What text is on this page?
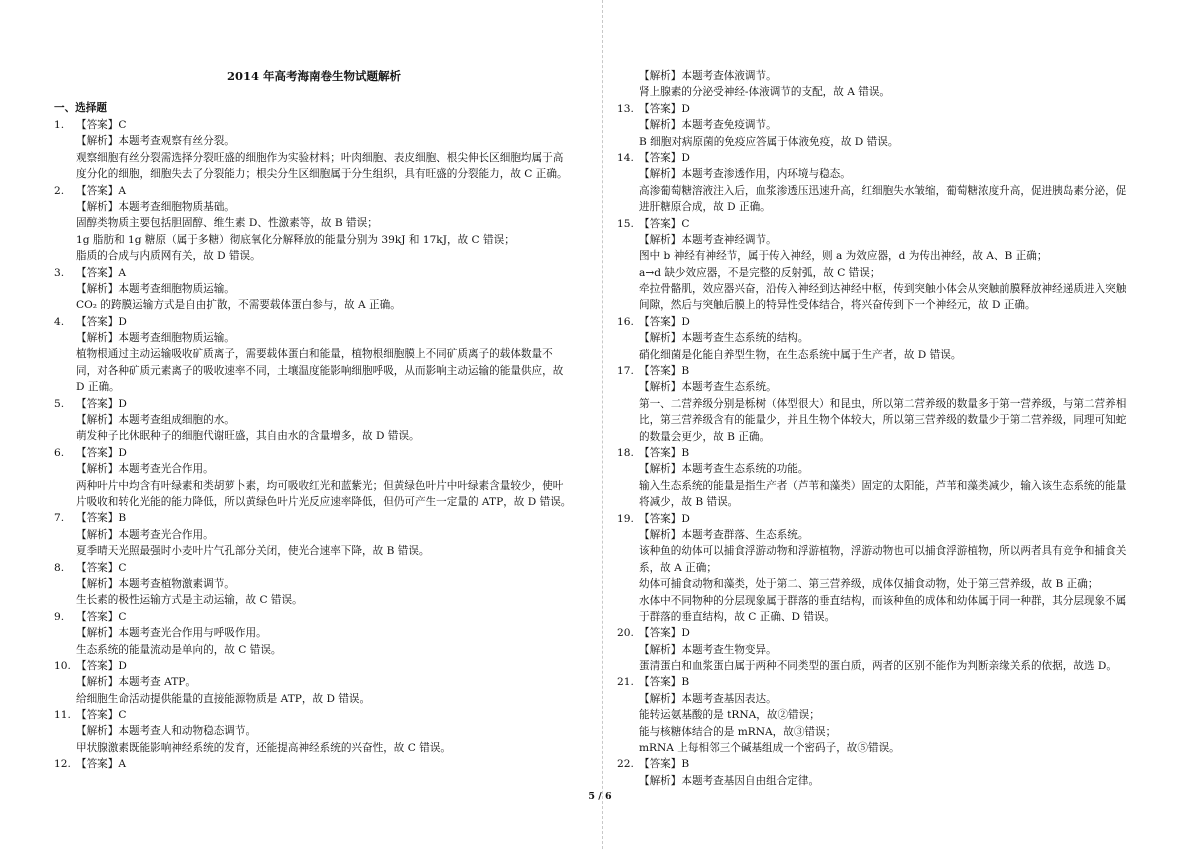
2014 年高考海南卷生物试题解析
一、选择题
1. 【答案】C
【解析】本题考查观察有丝分裂。
观察细胞有丝分裂需选择分裂旺盛的细胞作为实验材料；叶肉细胞、表皮细胞、根尖伸长区细胞均属于高
度分化的细胞，细胞失去了分裂能力；根尖分生区细胞属于分生组织，具有旺盛的分裂能力，故 C 正确。
2. 【答案】A
【解析】本题考查细胞物质基础。
固醇类物质主要包括胆固醇、维生素 D、性激素等，故 B 错误；
1g 脂肪和 1g 糖原（属于多糖）彻底氧化分解释放的能量分别为 39kJ 和 17kJ，故 C 错误；
脂质的合成与内质网有关，故 D 错误。
3. 【答案】A
【解析】本题考查细胞物质运输。
CO₂ 的跨膜运输方式是自由扩散，不需要载体蛋白参与，故 A 正确。
4. 【答案】D
【解析】本题考查细胞物质运输。
植物根通过主动运输吸收矿质离子，需要载体蛋白和能量，植物根细胞膜上不同矿质离子的载体数量不
同，对各种矿质元素离子的吸收速率不同，土壤温度能影响细胞呼吸，从而影响主动运输的能量供应，故
D 正确。
5. 【答案】D
【解析】本题考查组成细胞的水。
萌发种子比休眠种子的细胞代谢旺盛，其自由水的含量增多，故 D 错误。
6. 【答案】D
【解析】本题考查光合作用。
两种叶片中均含有叶绿素和类胡萝卜素，均可吸收红光和蓝紫光；但黄绿色叶片中叶绿素含量较少，使叶
片吸收和转化光能的能力降低，所以黄绿色叶片光反应速率降低，但仍可产生一定量的 ATP，故 D 错误。
7. 【答案】B
【解析】本题考查光合作用。
夏季晴天光照最强时小麦叶片气孔部分关闭，使光合速率下降，故 B 错误。
8. 【答案】C
【解析】本题考查植物激素调节。
生长素的极性运输方式是主动运输，故 C 错误。
9. 【答案】C
【解析】本题考查光合作用与呼吸作用。
生态系统的能量流动是单向的，故 C 错误。
10. 【答案】D
【解析】本题考查 ATP。
给细胞生命活动提供能量的直接能源物质是 ATP，故 D 错误。
11. 【答案】C
【解析】本题考查人和动物稳态调节。
甲状腺激素既能影响神经系统的发育，还能提高神经系统的兴奋性，故 C 错误。
12. 【答案】A
【解析】本题考查体液调节。
肾上腺素的分泌受神经-体液调节的支配，故 A 错误。
13. 【答案】D
【解析】本题考查免疫调节。
B 细胞对病原菌的免疫应答属于体液免疫，故 D 错误。
14. 【答案】D
【解析】本题考查渗透作用，内环境与稳态。
高渗葡萄糖溶液注入后，血浆渗透压迅速升高，红细胞失水皱缩，葡萄糖浓度升高，促进胰岛素分泌，促
进肝糖原合成，故 D 正确。
15. 【答案】C
【解析】本题考查神经调节。
图中 b 神经有神经节，属于传入神经，则 a 为效应器，d 为传出神经，故 A、B 正确；
a→d 缺少效应器，不是完整的反射弧，故 C 错误；
牵拉骨骼肌，效应器兴奋，沿传入神经到达神经中枢，传到突触小体会从突触前膜释放神经递质进入突触
间隙，然后与突触后膜上的特异性受体结合，将兴奋传到下一个神经元，故 D 正确。
16. 【答案】D
【解析】本题考查生态系统的结构。
硝化细菌是化能自养型生物，在生态系统中属于生产者，故 D 错误。
17. 【答案】B
【解析】本题考查生态系统。
第一、二营养级分别是栎树（体型很大）和昆虫，所以第二营养级的数量多于第一营养级，与第二营养相
比，第三营养级含有的能量少，并且生物个体较大，所以第三营养级的数量少于第二营养级，同理可知蛇
的数量会更少，故 B 正确。
18. 【答案】B
【解析】本题考查生态系统的功能。
输入生态系统的能量是指生产者（芦苇和藻类）固定的太阳能，芦苇和藻类减少，输入该生态系统的能量
将减少，故 B 错误。
19. 【答案】D
【解析】本题考查群落、生态系统。
该种鱼的幼体可以捕食浮游动物和浮游植物，浮游动物也可以捕食浮游植物，所以两者具有竞争和捕食关
系，故 A 正确；
幼体可捕食动物和藻类，处于第二、第三营养级，成体仅捕食动物，处于第三营养级，故 B 正确；
水体中不同物种的分层现象属于群落的垂直结构，而该种鱼的成体和幼体属于同一种群，其分层现象不属
于群落的垂直结构，故 C 正确、D 错误。
20. 【答案】D
【解析】本题考查生物变异。
蛋清蛋白和血浆蛋白属于两种不同类型的蛋白质，两者的区别不能作为判断亲缘关系的依据，故选 D。
21. 【答案】B
【解析】本题考查基因表达。
能转运氨基酸的是 tRNA，故②错误；
能与核糖体结合的是 mRNA，故③错误；
mRNA 上每相邻三个碱基组成一个密码子，故⑤错误。
22. 【答案】B
【解析】本题考查基因自由组合定律。
5 / 6
